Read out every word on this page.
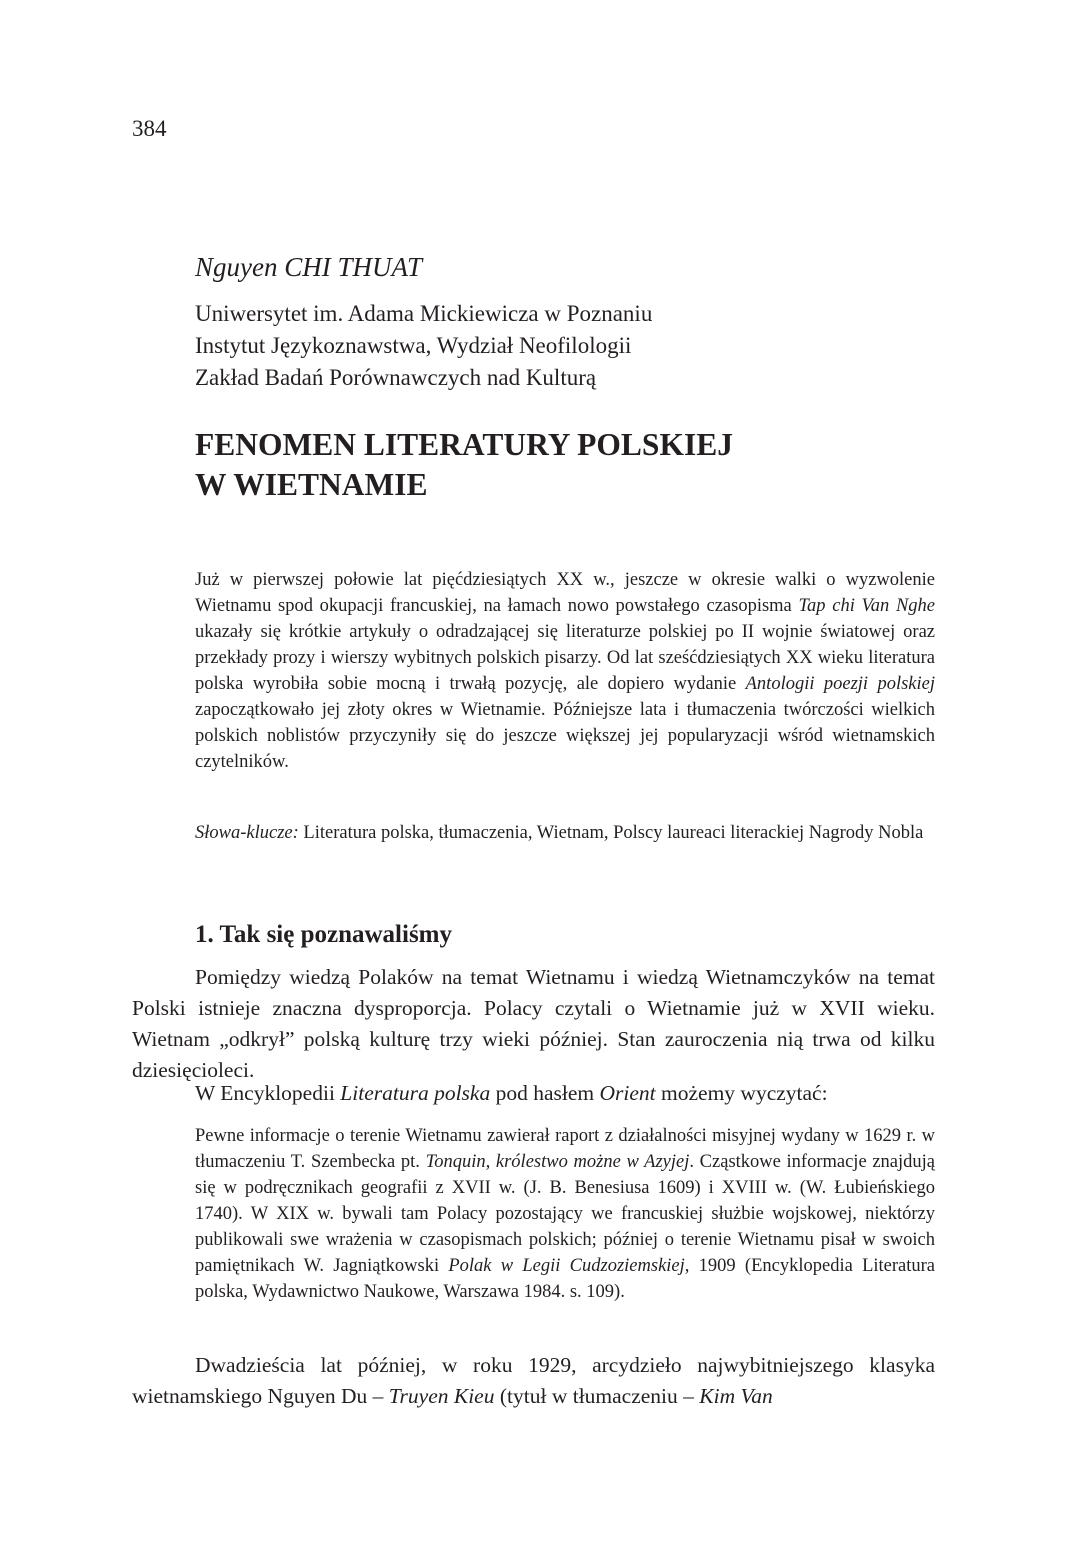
384
Nguyen CHI THUAT
Uniwersytet im. Adama Mickiewicza w Poznaniu
Instytut Językoznawstwa, Wydział Neofilologii
Zakład Badań Porównawczych nad Kulturą
FENOMEN LITERATURY POLSKIEJ
W WIETNAMIE
Już w pierwszej połowie lat pięćdziesiątych XX w., jeszcze w okresie walki o wyzwolenie Wietnamu spod okupacji francuskiej, na łamach nowo powstałego czasopisma Tap chi Van Nghe ukazały się krótkie artykuły o odradzającej się literaturze polskiej po II wojnie światowej oraz przekłady prozy i wierszy wybitnych polskich pisarzy. Od lat sześćdziesiątych XX wieku literatura polska wyrobiła sobie mocną i trwałą pozycję, ale dopiero wydanie Antologii poezji polskiej zapoczątkowało jej złoty okres w Wietnamie. Późniejsze lata i tłumaczenia twórczości wielkich polskich noblistów przyczyniły się do jeszcze większej jej popularyzacji wśród wietnamskich czytelników.
Słowa-klucze: Literatura polska, tłumaczenia, Wietnam, Polscy laureaci literackiej Nagrody Nobla
1. Tak się poznawaliśmy
Pomiędzy wiedzą Polaków na temat Wietnamu i wiedzą Wietnamczyków na temat Polski istnieje znaczna dysproporcja. Polacy czytali o Wietnamie już w XVII wieku. Wietnam „odkrył” polską kulturę trzy wieki później. Stan zauroczenia nią trwa od kilku dziesięcioleci.
W Encyklopedii Literatura polska pod hasłem Orient możemy wyczytać:
Pewne informacje o terenie Wietnamu zawierał raport z działalności misyjnej wydany w 1629 r. w tłumaczeniu T. Szembecka pt. Tonquin, królestwo możne w Azyjej. Cząstkowe informacje znajdują się w podręcznikach geografii z XVII w. (J. B. Benesiusa 1609) i XVIII w. (W. Łubieńskiego 1740). W XIX w. bywali tam Polacy pozostający we francuskiej służbie wojskowej, niektórzy publikowali swe wrażenia w czasopismach polskich; później o terenie Wietnamu pisał w swoich pamiętnikach W. Jagniątkowski Polak w Legii Cudzoziemskiej, 1909 (Encyklopedia Literatura polska, Wydawnictwo Naukowe, Warszawa 1984. s. 109).
Dwadzieścia lat później, w roku 1929, arcydzieło najwybitniejszego klasyka wietnamskiego Nguyen Du – Truyen Kieu (tytuł w tłumaczeniu – Kim Van
